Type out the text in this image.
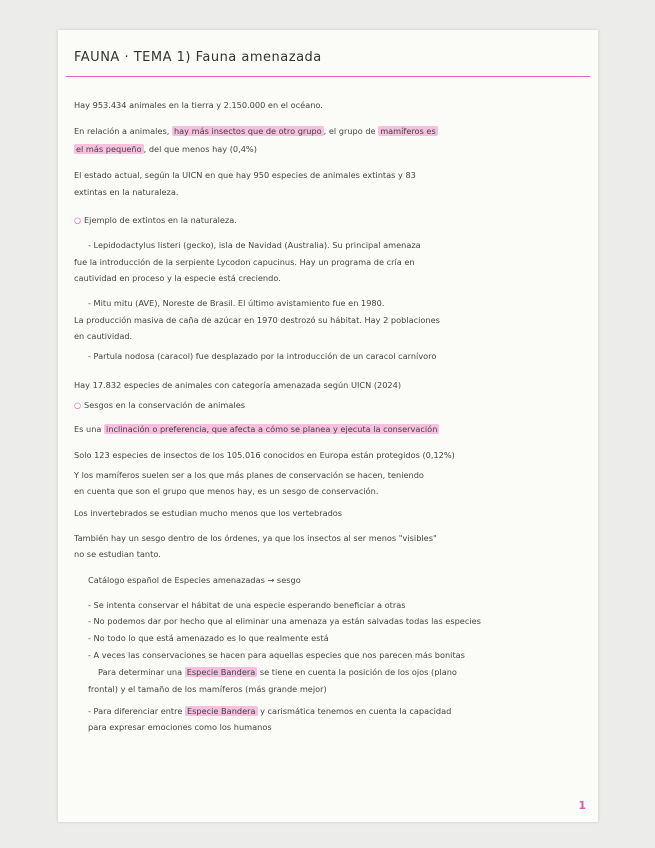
FAUNA · TEMA 1) Fauna amenazada
Hay 953.434 animales en la tierra y 2.150.000 en el océano.
En relación a animales, hay más insectos que de otro grupo , el grupo de mamíferos es
el más pequeño , del que menos hay (0,4%)
El estado actual, según la UICN en que hay 950 especies de animales extintas y 83
extintas en la naturaleza.
○ Ejemplo de extintos en la naturaleza.
- Lepidodactylus listeri (gecko), isla de Navidad (Australia). Su principal amenaza
fue la introducción de la serpiente Lycodon capucinus. Hay un programa de cría en
cautividad en proceso y la especie está creciendo.
- Mitu mitu (AVE), Noreste de Brasil. El último avistamiento fue en 1980.
La producción masiva de caña de azúcar en 1970 destrozó su hábitat. Hay 2 poblaciones
en cautividad.
- Partula nodosa (caracol) fue desplazado por la introducción de un caracol carnívoro
Hay 17.832 especies de animales con categoría amenazada según UICN (2024)
○ Sesgos en la conservación de animales
Es una inclinación o preferencia, que afecta a cómo se planea y ejecuta la conservación
Solo 123 especies de insectos de los 105.016 conocidos en Europa están protegidos (0,12%)
Y los mamíferos suelen ser a los que más planes de conservación se hacen, teniendo
en cuenta que son el grupo que menos hay, es un sesgo de conservación.
Los invertebrados se estudian mucho menos que los vertebrados
También hay un sesgo dentro de los órdenes, ya que los insectos al ser menos "visibles"
no se estudian tanto.
Catálogo español de Especies amenazadas → sesgo
- Se intenta conservar el hábitat de una especie esperando beneficiar a otras
- No podemos dar por hecho que al eliminar una amenaza ya están salvadas todas las especies
- No todo lo que está amenazado es lo que realmente está
- A veces las conservaciones se hacen para aquellas especies que nos parecen más bonitas
Para determinar una Especie Bandera se tiene en cuenta la posición de los ojos (plano
frontal) y el tamaño de los mamíferos (más grande mejor)
- Para diferenciar entre Especie Bandera y carismática tenemos en cuenta la capacidad
para expresar emociones como los humanos
1
